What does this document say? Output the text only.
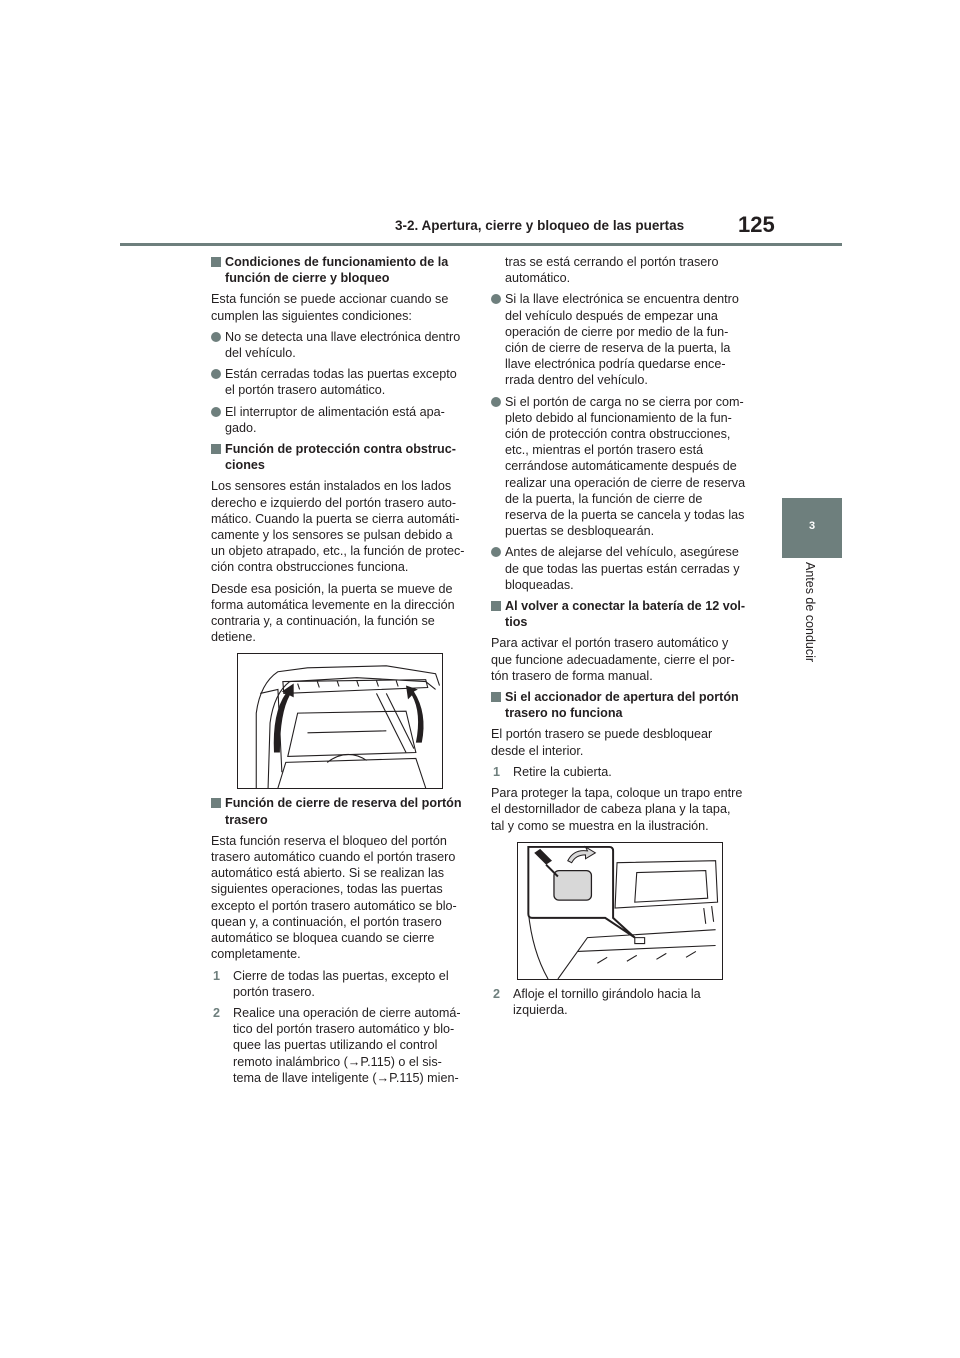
3-2. Apertura, cierre y bloqueo de las puertas 125
3
Antes de conducir
Condiciones de funcionamiento de la función de cierre y bloqueo
Esta función se puede accionar cuando se cumplen las siguientes condiciones:
No se detecta una llave electrónica dentro del vehículo.
Están cerradas todas las puertas excepto el portón trasero automático.
El interruptor de alimentación está apa-gado.
Función de protección contra obstruc-ciones
Los sensores están instalados en los lados derecho e izquierdo del portón trasero auto-mático. Cuando la puerta se cierra automáti-camente y los sensores se pulsan debido a un objeto atrapado, etc., la función de protec-ción contra obstrucciones funciona.
Desde esa posición, la puerta se mueve de forma automática levemente en la dirección contraria y, a continuación, la función se detiene.
Función de cierre de reserva del portón trasero
Esta función reserva el bloqueo del portón trasero automático cuando el portón trasero automático está abierto. Si se realizan las siguientes operaciones, todas las puertas excepto el portón trasero automático se blo-quean y, a continuación, el portón trasero automático se bloquea cuando se cierre completamente.
1 Cierre de todas las puertas, excepto el portón trasero.
2 Realice una operación de cierre automá-tico del portón trasero automático y blo-quee las puertas utilizando el control remoto inalámbrico (→P.115) o el sis-tema de llave inteligente (→P.115) mien-
tras se está cerrando el portón trasero automático.
Si la llave electrónica se encuentra dentro del vehículo después de empezar una operación de cierre por medio de la fun-ción de cierre de reserva de la puerta, la llave electrónica podría quedarse ence-rrada dentro del vehículo.
Si el portón de carga no se cierra por com-pleto debido al funcionamiento de la fun-ción de protección contra obstrucciones, etc., mientras el portón trasero está cerrándose automáticamente después de realizar una operación de cierre de reserva de la puerta, la función de cierre de reserva de la puerta se cancela y todas las puertas se desbloquearán.
Antes de alejarse del vehículo, asegúrese de que todas las puertas están cerradas y bloqueadas.
Al volver a conectar la batería de 12 vol-tios
Para activar el portón trasero automático y que funcione adecuadamente, cierre el por-tón trasero de forma manual.
Si el accionador de apertura del portón trasero no funciona
El portón trasero se puede desbloquear desde el interior.
1 Retire la cubierta.
Para proteger la tapa, coloque un trapo entre el destornillador de cabeza plana y la tapa, tal y como se muestra en la ilustración.
2 Afloje el tornillo girándolo hacia la izquierda.
